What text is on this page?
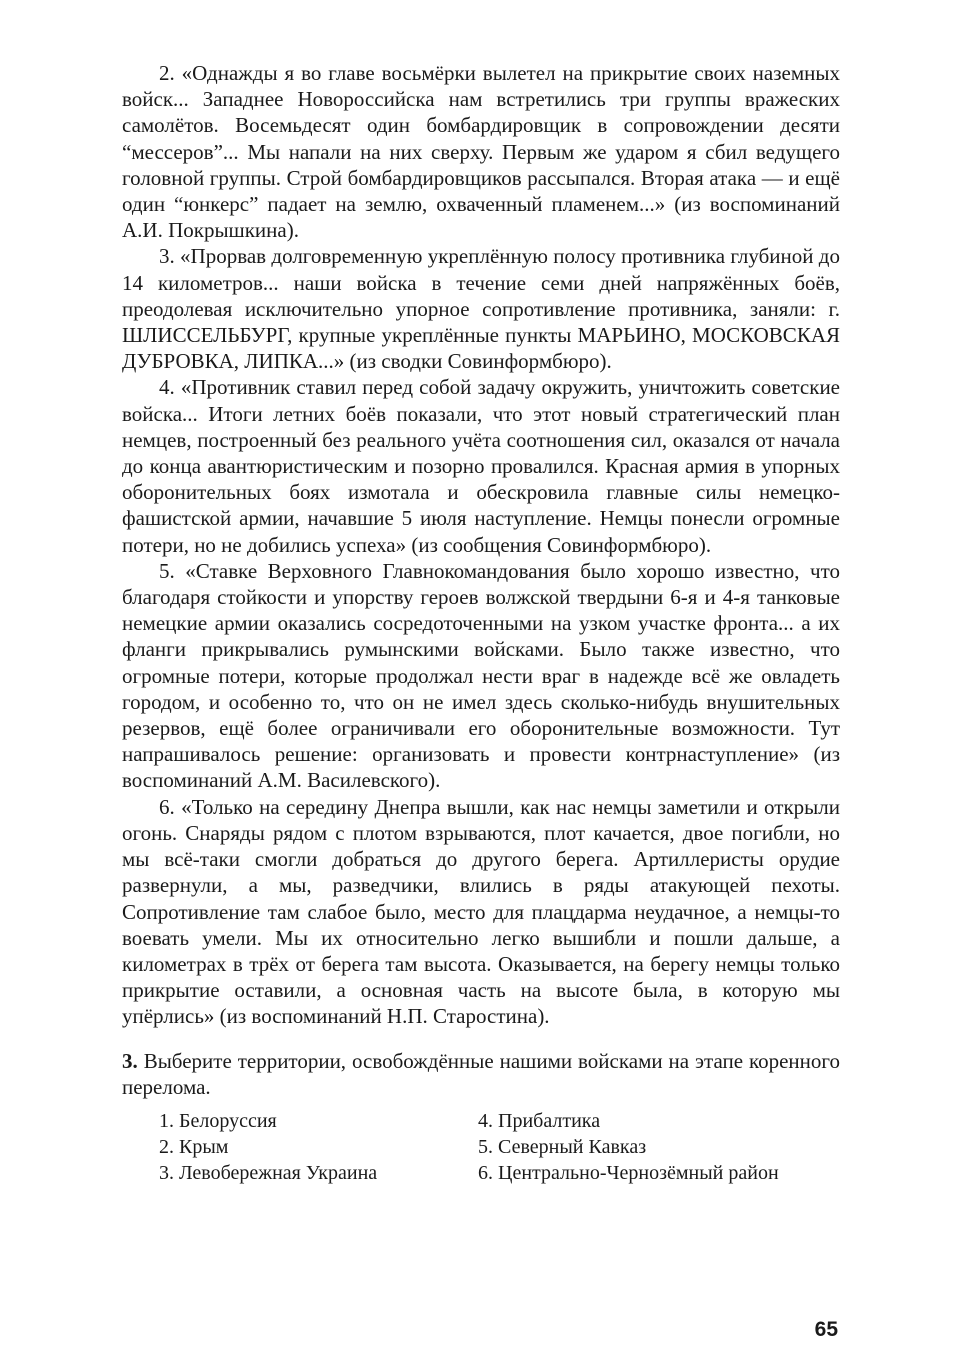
2. «Однажды я во главе восьмёрки вылетел на прикрытие своих наземных войск... Западнее Новороссийска нам встретились три группы вражеских самолётов. Восемьдесят один бомбардировщик в сопровождении десяти “мессеров”... Мы напали на них сверху. Первым же ударом я сбил ведущего головной группы. Строй бомбардировщиков рассыпался. Вторая атака — и ещё один “юнкерс” падает на землю, охваченный пламенем...» (из воспоминаний А.И. Покрышкина).

3. «Прорвав долговременную укреплённую полосу противника глубиной до 14 километров... наши войска в течение семи дней напряжённых боёв, преодолевая исключительно упорное сопротивление противника, заняли: г. ШЛИССЕЛЬБУРГ, крупные укреплённые пункты МАРЬИНО, МОСКОВСКАЯ ДУБРОВКА, ЛИПКА...» (из сводки Совинформбюро).

4. «Противник ставил перед собой задачу окружить, уничтожить советские войска... Итоги летних боёв показали, что этот новый стратегический план немцев, построенный без реального учёта соотношения сил, оказался от начала до конца авантюристическим и позорно провалился. Красная армия в упорных оборонительных боях измотала и обескровила главные силы немецко-фашистской армии, начавшие 5 июля наступление. Немцы понесли огромные потери, но не добились успеха» (из сообщения Совинформбюро).

5. «Ставке Верховного Главнокомандования было хорошо известно, что благодаря стойкости и упорству героев волжской твердыни 6-я и 4-я танковые немецкие армии оказались сосредоточенными на узком участке фронта... а их фланги прикрывались румынскими войсками. Было также известно, что огромные потери, которые продолжал нести враг в надежде всё же овладеть городом, и особенно то, что он не имел здесь сколько-нибудь внушительных резервов, ещё более ограничивали его оборонительные возможности. Тут напрашивалось решение: организовать и провести контрнаступление» (из воспоминаний А.М. Василевского).

6. «Только на середину Днепра вышли, как нас немцы заметили и открыли огонь. Снаряды рядом с плотом взрываются, плот качается, двое погибли, но мы всё-таки смогли добраться до другого берега. Артиллеристы орудие развернули, а мы, разведчики, влились в ряды атакующей пехоты. Сопротивление там слабое было, место для плацдарма неудачное, а немцы-то воевать умели. Мы их относительно легко вышибли и пошли дальше, а километрах в трёх от берега там высота. Оказывается, на берегу немцы только прикрытие оставили, а основная часть на высоте была, в которую мы упёрлись» (из воспоминаний Н.П. Старостина).

3. Выберите территории, освобождённые нашими войсками на этапе коренного перелома.

1. Белоруссия
2. Крым
3. Левобережная Украина
4. Прибалтика
5. Северный Кавказ
6. Центрально-Чернозёмный район
65
